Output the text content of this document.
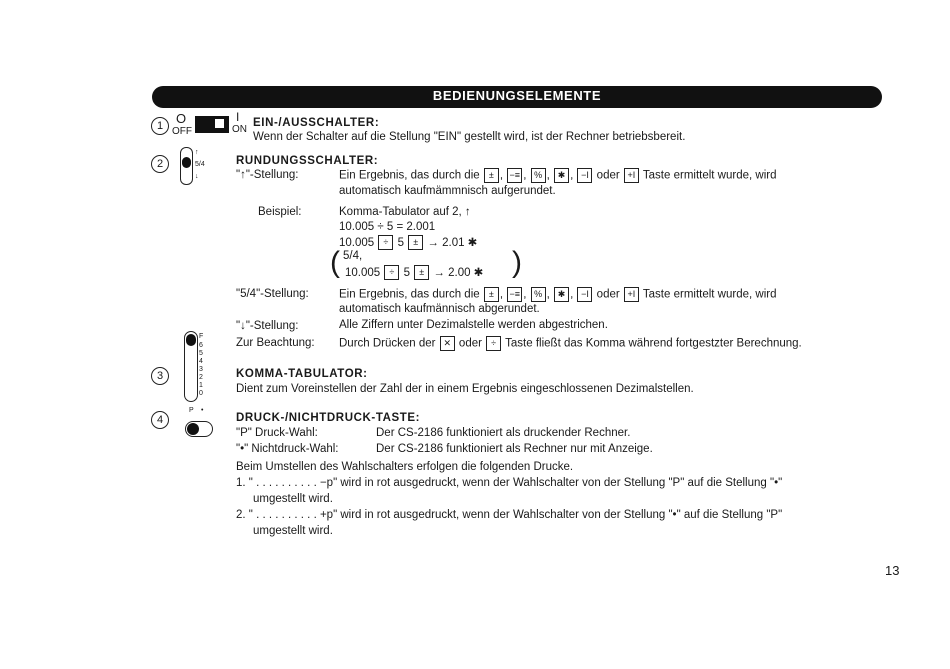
BEDIENUNGSELEMENTE
1 O
OFF
I
ON
EIN-/AUSSCHALTER:
Wenn der Schalter auf die Stellung "EIN" gestellt wird, ist der Rechner betriebsbereit.
2
↑
5/4
↓
RUNDUNGSSCHALTER:
"↑"-Stellung:	Ein Ergebnis, das durch die ± , −≡ , % , ✱ , −I oder +I Taste ermittelt wurde, wird
automatisch kaufmämmnisch aufgerundet.
Beispiel:	Komma-Tabulator auf 2, ↑
10.005 ÷ 5 = 2.001
10.005 ÷ 5 ± → 2.01 ✱
( 5/4,
10.005 ÷ 5 ± → 2.00 ✱ )
"5/4"-Stellung:	Ein Ergebnis, das durch die ± , −≡ , % , ✱ , −I oder +I Taste ermittelt wurde, wird
automatisch kaufmännisch abgerundet.
"↓"-Stellung:	Alle Ziffern unter Dezimalstelle werden abgestrichen.
Zur Beachtung: Durch Drücken der ✕ oder ÷ Taste fließt das Komma während fortgestzter Berechnung.
3
F
6
5
4
3
2
1
0
KOMMA-TABULATOR:
Dient zum Voreinstellen der Zahl der in einem Ergebnis eingeschlossenen Dezimalstellen.
4
P •
DRUCK-/NICHTDRUCK-TASTE:
"P" Druck-Wahl:	Der CS-2186 funktioniert als druckender Rechner.
"•" Nichtdruck-Wahl:	Der CS-2186 funktioniert als Rechner nur mit Anzeige.
Beim Umstellen des Wahlschalters erfolgen die folgenden Drucke.
1. " . . . . . . . . . . −p" wird in rot ausgedruckt, wenn der Wahlschalter von der Stellung "P" auf die Stellung "•"
umgestellt wird.
2. " . . . . . . . . . . +p" wird in rot ausgedruckt, wenn der Wahlschalter von der Stellung "•" auf die Stellung "P"
umgestellt wird.
13
